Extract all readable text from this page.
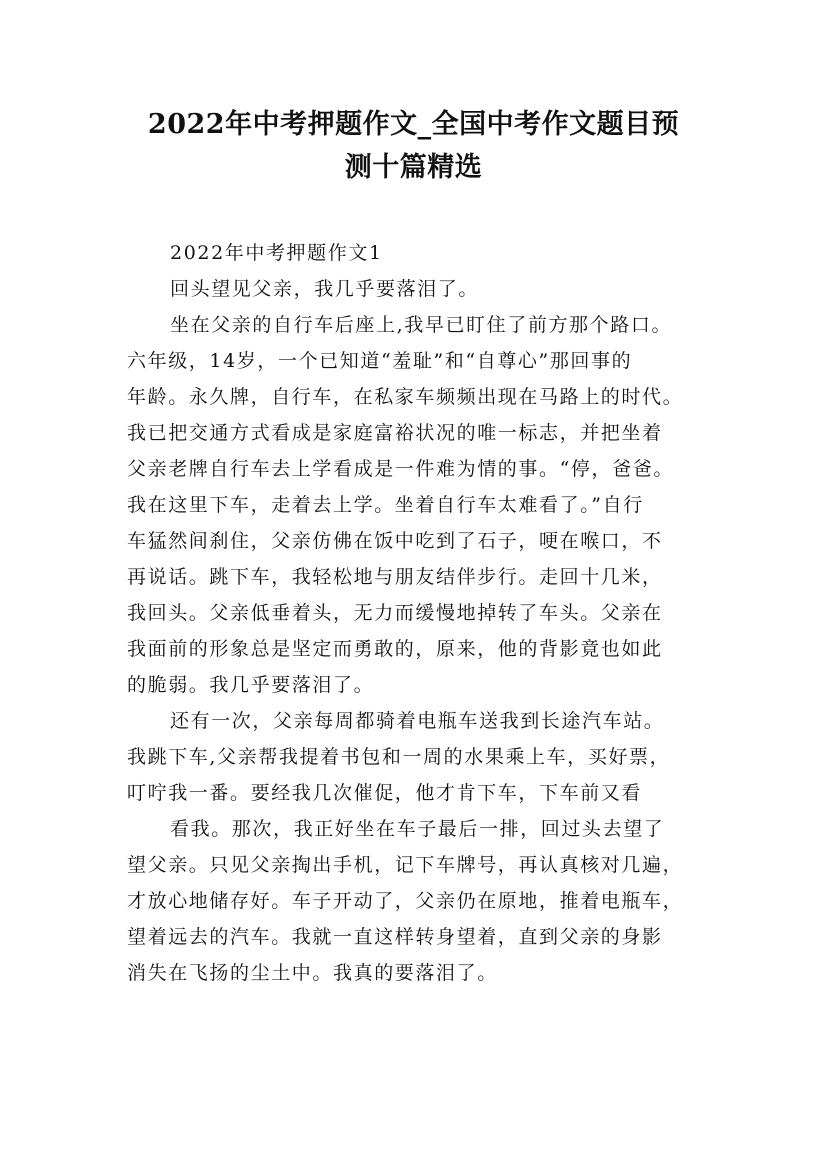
2022年中考押题作文_全国中考作文题目预
测十篇精选
2022年中考押题作文1
回头望见父亲，我几乎要落泪了。
坐在父亲的自行车后座上,我早已盯住了前方那个路口。
六年级，14岁，一个已知道“羞耻”和“自尊心”那回事的
年龄。永久牌，自行车，在私家车频频出现在马路上的时代。
我已把交通方式看成是家庭富裕状况的唯一标志，并把坐着
父亲老牌自行车去上学看成是一件难为情的事。“停，爸爸。
我在这里下车，走着去上学。坐着自行车太难看了。”自行
车猛然间刹住，父亲仿佛在饭中吃到了石子，哽在喉口，不
再说话。跳下车，我轻松地与朋友结伴步行。走回十几米，
我回头。父亲低垂着头，无力而缓慢地掉转了车头。父亲在
我面前的形象总是坚定而勇敢的，原来，他的背影竟也如此
的脆弱。我几乎要落泪了。
还有一次，父亲每周都骑着电瓶车送我到长途汽车站。
我跳下车,父亲帮我提着书包和一周的水果乘上车，买好票，
叮咛我一番。要经我几次催促，他才肯下车，下车前又看
看我。那次，我正好坐在车子最后一排，回过头去望了
望父亲。只见父亲掏出手机，记下车牌号，再认真核对几遍，
才放心地储存好。车子开动了，父亲仍在原地，推着电瓶车，
望着远去的汽车。我就一直这样转身望着，直到父亲的身影
消失在飞扬的尘土中。我真的要落泪了。
